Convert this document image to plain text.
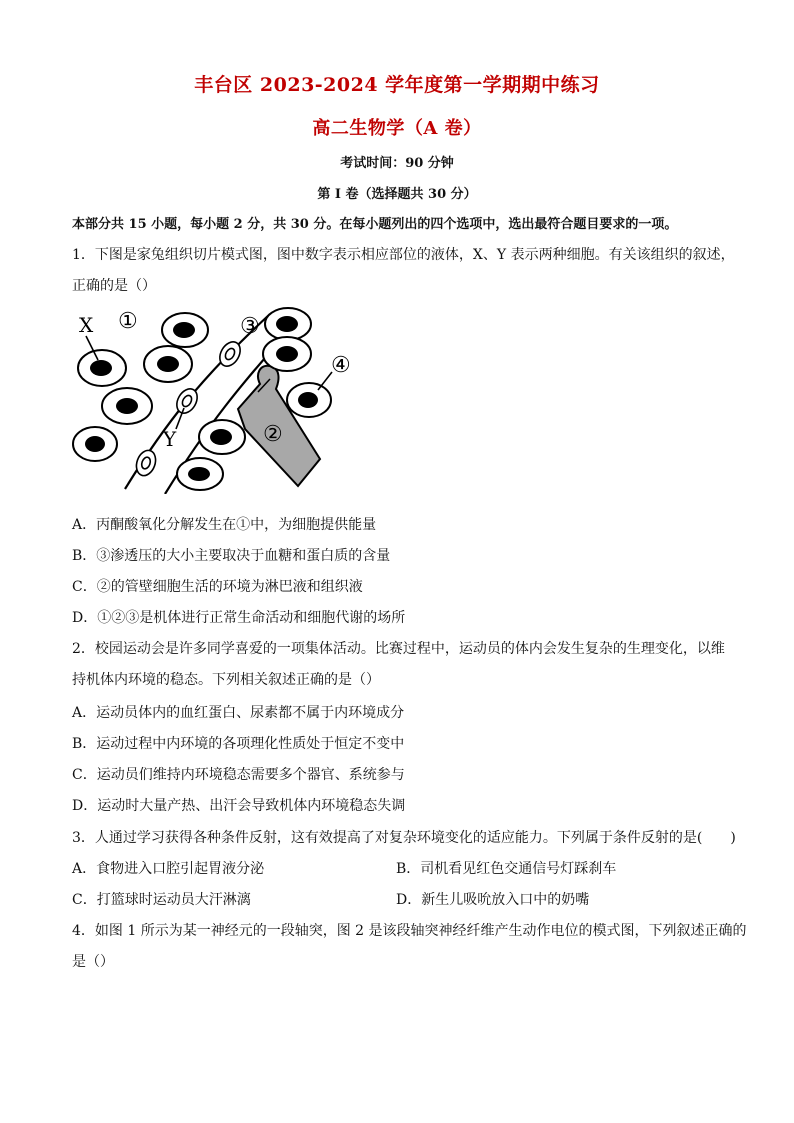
丰台区 2023-2024 学年度第一学期期中练习
高二生物学（A 卷）
考试时间：90 分钟
第 I 卷（选择题共 30 分）
本部分共 15 小题，每小题 2 分，共 30 分。在每小题列出的四个选项中，选出最符合题目要求的一项。
1．下图是家兔组织切片模式图，图中数字表示相应部位的液体，X、Y 表示两种细胞。有关该组织的叙述，
正确的是（）
X ①	③
④
②
Y
A．丙酮酸氧化分解发生在①中，为细胞提供能量
B．③渗透压的大小主要取决于血糖和蛋白质的含量
C．②的管壁细胞生活的环境为淋巴液和组织液
D．①②③是机体进行正常生命活动和细胞代谢的场所
2．校园运动会是许多同学喜爱的一项集体活动。比赛过程中，运动员的体内会发生复杂的生理变化，以维
持机体内环境的稳态。下列相关叙述正确的是（）
A．运动员体内的血红蛋白、尿素都不属于内环境成分
B．运动过程中内环境的各项理化性质处于恒定不变中
C．运动员们维持内环境稳态需要多个器官、系统参与
D．运动时大量产热、出汗会导致机体内环境稳态失调
3．人通过学习获得各种条件反射，这有效提高了对复杂环境变化的适应能力。下列属于条件反射的是(　　)
A．食物进入口腔引起胃液分泌	B．司机看见红色交通信号灯踩刹车
C．打篮球时运动员大汗淋漓	D．新生儿吸吮放入口中的奶嘴
4．如图 1 所示为某一神经元的一段轴突，图 2 是该段轴突神经纤维产生动作电位的模式图，下列叙述正确的
是（）
